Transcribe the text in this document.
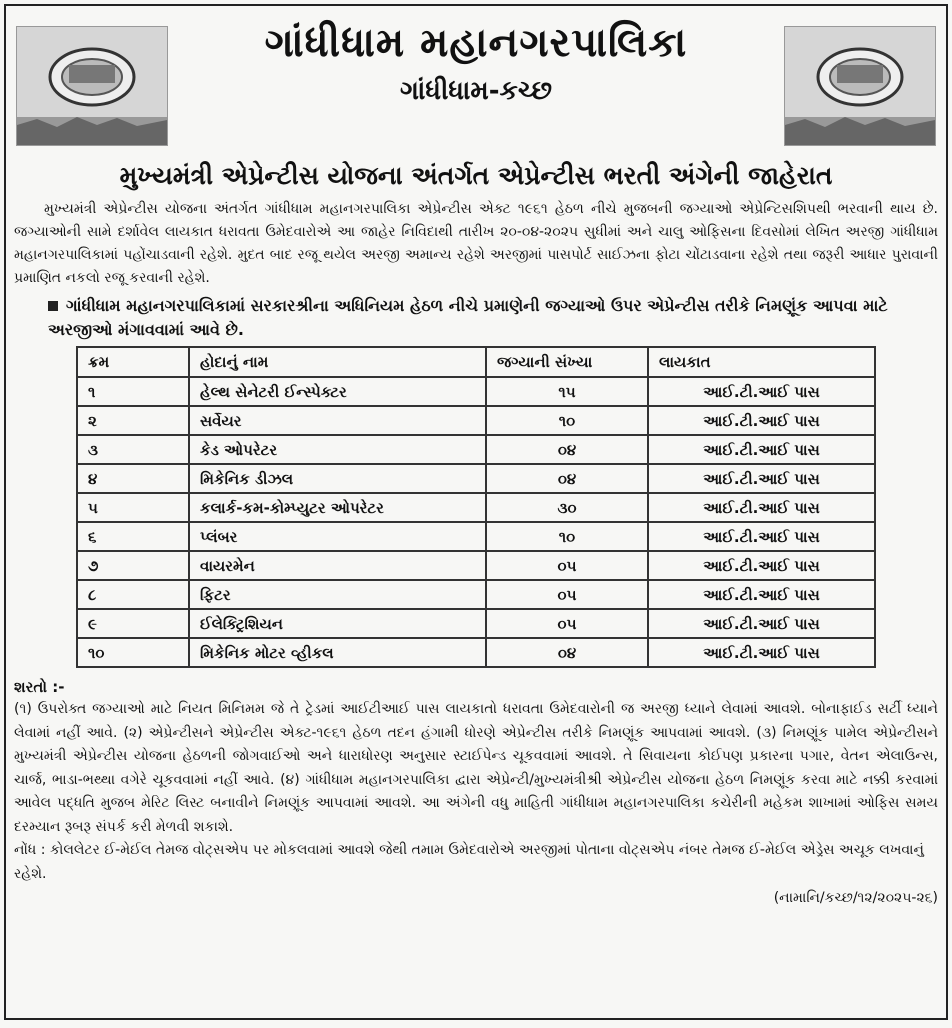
ગાંધીધામ મહાનગરપાલિકા
ગાંધીધામ-કચ્છ
મુખ્યમંત્રી એપ્રેન્ટીસ યોજના અંતર્ગત એપ્રેન્ટીસ ભરતી અંગેની જાહેરાત
મુખ્યમંત્રી એપ્રેન્ટીસ યોજના અંતર્ગત ગાંધીધામ મહાનગરપાલિકા એપ્રેન્ટીસ એક્ટ ૧૯૬૧ હેઠળ નીચે મુજબની જગ્યાઓ એપ્રેન્ટિસશિપથી ભરવાની થાય છે. જગ્યાઓની સામે દર્શાવેલ લાયકાત ધરાવતા ઉમેદવારોએ આ જાહેર નિવિદાથી તારીખ ૨૦-૦૪-૨૦૨૫ સુધીમાં અને ચાલુ ઓફિસના દિવસોમાં લેખિત અરજી ગાંધીધામ મહાનગરપાલિકામાં પહોંચાડવાની રહેશે. મુદત બાદ રજૂ થયેલ અરજી અમાન્ય રહેશે અરજીમાં પાસપોર્ટ સાઈઝના ફોટા ચોંટાડવાના રહેશે તથા જરૂરી આધાર પુરાવાની પ્રમાણિત નકલો રજૂ કરવાની રહેશે.
ગાંધીધામ મહાનગરપાલિકામાં સરકારશ્રીના અધિનિયમ હેઠળ નીચે પ્રમાણેની જગ્યાઓ ઉપર એપ્રેન્ટીસ તરીકે નિમણૂંક આપવા માટે અરજીઓ મંગાવવામાં આવે છે.
ક્રમ	હોદાનું નામ	જગ્યાની સંખ્યા	લાયકાત
૧	હેલ્થ સેનેટરી ઈન્સ્પેક્ટર	૧૫	આઈ.ટી.આઈ પાસ
૨	સર્વેયર	૧૦	આઈ.ટી.આઈ પાસ
૩	કેડ ઓપરેટર	૦૪	આઈ.ટી.આઈ પાસ
૪	મિકેનિક ડીઝલ	૦૪	આઈ.ટી.આઈ પાસ
૫	કલાર્ક-કમ-કોમ્પ્યુટર ઓપરેટર	૩૦	આઈ.ટી.આઈ પાસ
૬	પ્લંબર	૧૦	આઈ.ટી.આઈ પાસ
૭	વાયરમેન	૦૫	આઈ.ટી.આઈ પાસ
૮	ફિટર	૦૫	આઈ.ટી.આઈ પાસ
૯	ઈલેક્ટ્રિશિયન	૦૫	આઈ.ટી.આઈ પાસ
૧૦	મિકેનિક મોટર વ્હીકલ	૦૪	આઈ.ટી.આઈ પાસ
શરતો :-
(૧) ઉપરોક્ત જગ્યાઓ માટે નિયત મિનિમમ જે તે ટ્રેડમાં આઈટીઆઈ પાસ લાયકાતો ધરાવતા ઉમેદવારોની જ અરજી ધ્યાને લેવામાં આવશે. બોનાફાઈડ સર્ટી ધ્યાને લેવામાં નહીં આવે. (૨) એપ્રેન્ટીસને એપ્રેન્ટીસ એક્ટ-૧૯૬૧ હેઠળ તદન હંગામી ધોરણે એપ્રેન્ટીસ તરીકે નિમણૂંક આપવામાં આવશે. (૩) નિમણૂંક પામેલ એપ્રેન્ટીસને મુખ્યમંત્રી એપ્રેન્ટીસ યોજના હેઠળની જોગવાઈઓ અને ધારાધોરણ અનુસાર સ્ટાઈપેન્ડ ચૂકવવામાં આવશે. તે સિવાયના કોઈપણ પ્રકારના પગાર, વેતન એલાઉન્સ, ચાર્જ, ભાડા-ભથ્થા વગેરે ચૂકવવામાં નહીં આવે. (૪) ગાંધીધામ મહાનગરપાલિકા દ્વારા એપ્રેન્ટી/મુખ્યમંત્રીશ્રી એપ્રેન્ટીસ યોજના હેઠળ નિમણૂંક કરવા માટે નક્કી કરવામાં આવેલ પદ્ધતિ મુજબ મેરિટ લિસ્ટ બનાવીને નિમણૂંક આપવામાં આવશે. આ અંગેની વધુ માહિતી ગાંધીધામ મહાનગરપાલિકા કચેરીની મહેકમ શાખામાં ઓફિસ સમય દરમ્યાન રૂબરૂ સંપર્ક કરી મેળવી શકાશે.
નોંધ : કોલલેટર ઈ-મેઈલ તેમજ વોટ્સએપ પર મોકલવામાં આવશે જેથી તમામ ઉમેદવારોએ અરજીમાં પોતાના વોટ્સએપ નંબર તેમજ ઈ-મેઈલ એડ્રેસ અચૂક લખવાનું રહેશે.
(નામાનિ/કચ્છ/૧૨/૨૦૨૫-૨૬)
